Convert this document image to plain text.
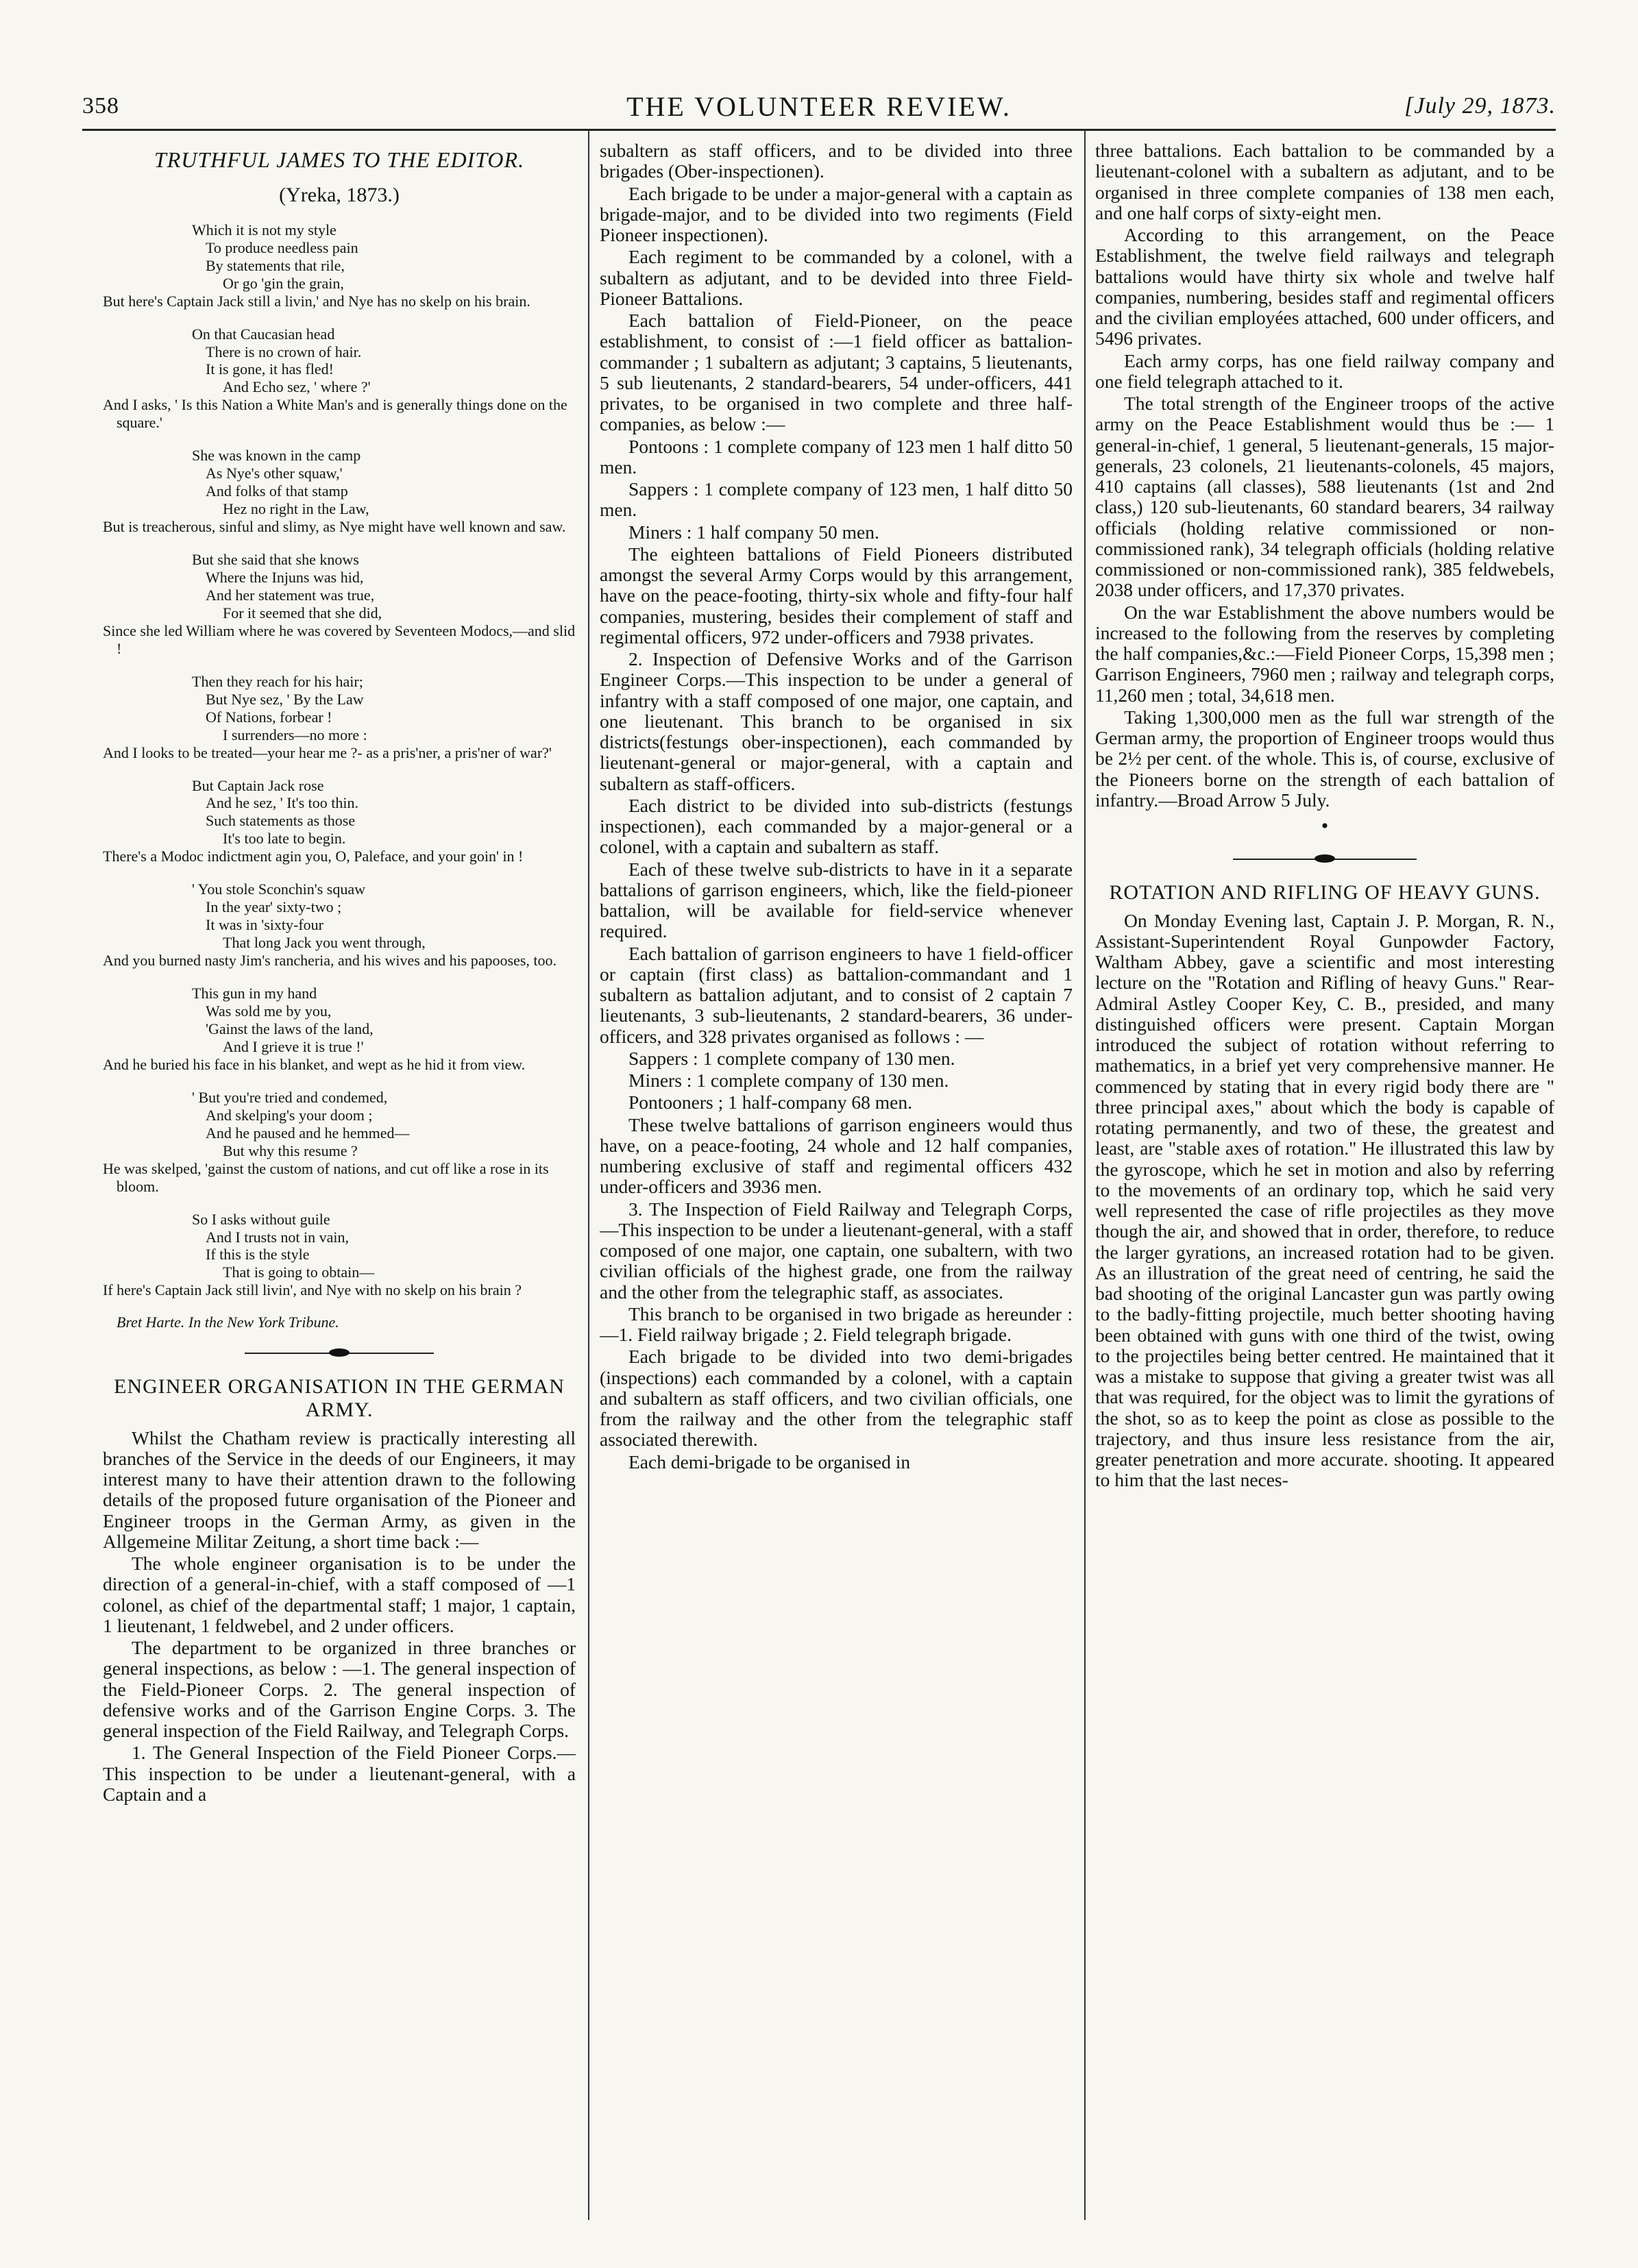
358	THE VOLUNTEER REVIEW.	[July 29, 1873.
TRUTHFUL JAMES TO THE EDITOR.
(Yreka, 1873.)

Which it is not my style

To produce needless pain

By statements that rile,

Or go 'gin the grain,

But here's Captain Jack still a livin,' and Nye has no skelp on his brain.

On that Caucasian head

There is no crown of hair.

It is gone, it has fled!

And Echo sez, ' where ?'

And I asks, ' Is this Nation a White Man's and is generally things done on the square.'

She was known in the camp

As Nye's other squaw,'

And folks of that stamp

Hez no right in the Law,

But is treacherous, sinful and slimy, as Nye might have well known and saw.

But she said that she knows

Where the Injuns was hid,

And her statement was true,

For it seemed that she did,

Since she led William where he was covered by Seventeen Modocs,—and slid !

Then they reach for his hair;

But Nye sez, ' By the Law

Of Nations, forbear !

I surrenders—no more :

And I looks to be treated—your hear me ?- as a pris'ner, a pris'ner of war?'

But Captain Jack rose

And he sez, ' It's too thin.

Such statements as those

It's too late to begin.

There's a Modoc indictment agin you, O, Paleface, and your goin' in !

' You stole Sconchin's squaw

In the year' sixty-two ;

It was in 'sixty-four

That long Jack you went through,

And you burned nasty Jim's rancheria, and his wives and his papooses, too.

This gun in my hand

Was sold me by you,

'Gainst the laws of the land,

And I grieve it is true !'

And he buried his face in his blanket, and wept as he hid it from view.

' But you're tried and condemed,

And skelping's your doom ;

And he paused and he hemmed—

But why this resume ?

He was skelped, 'gainst the custom of nations, and cut off like a rose in its bloom.

So I asks without guile

And I trusts not in vain,

If this is the style

That is going to obtain—

If here's Captain Jack still livin', and Nye with no skelp on his brain ?

Bret Harte. In the New York Tribune.
ENGINEER ORGANISATION IN THE GERMAN ARMY.

Whilst the Chatham review is practically interesting all branches of the Service in the deeds of our Engineers, it may interest many to have their attention drawn to the following details of the proposed future organisation of the Pioneer and Engineer troops in the German Army, as given in the Allgemeine Militar Zeitung, a short time back :—

The whole engineer organisation is to be under the direction of a general-in-chief, with a staff composed of —1 colonel, as chief of the departmental staff; 1 major, 1 captain, 1 lieutenant, 1 feldwebel, and 2 under officers.

The department to be organized in three branches or general inspections, as below : —1. The general inspection of the Field-Pioneer Corps. 2. The general inspection of defensive works and of the Garrison Engine Corps. 3. The general inspection of the Field Railway, and Telegraph Corps.

1. The General Inspection of the Field Pioneer Corps.—This inspection to be under a lieutenant-general, with a Captain and a

subaltern as staff officers, and to be divided into three brigades (Ober-inspectionen).

Each brigade to be under a major-general with a captain as brigade-major, and to be divided into two regiments (Field Pioneer inspectionen).

Each regiment to be commanded by a colonel, with a subaltern as adjutant, and to be devided into three Field-Pioneer Battalions.

Each battalion of Field-Pioneer, on the peace establishment, to consist of :—1 field officer as battalion-commander ; 1 subaltern as adjutant; 3 captains, 5 lieutenants, 5 sub lieutenants, 2 standard-bearers, 54 under-officers, 441 privates, to be organised in two complete and three half-companies, as below :—

Pontoons : 1 complete company of 123 men 1 half ditto 50 men.

Sappers : 1 complete company of 123 men, 1 half ditto 50 men.

Miners : 1 half company 50 men.

The eighteen battalions of Field Pioneers distributed amongst the several Army Corps would by this arrangement, have on the peace-footing, thirty-six whole and fifty-four half companies, mustering, besides their complement of staff and regimental officers, 972 under-officers and 7938 privates.

2. Inspection of Defensive Works and of the Garrison Engineer Corps.—This inspection to be under a general of infantry with a staff composed of one major, one captain, and one lieutenant. This branch to be organised in six districts(festungs ober-inspectionen), each commanded by lieutenant-general or major-general, with a captain and subaltern as staff-officers.

Each district to be divided into sub-districts (festungs inspectionen), each commanded by a major-general or a colonel, with a captain and subaltern as staff.

Each of these twelve sub-districts to have in it a separate battalions of garrison engineers, which, like the field-pioneer battalion, will be available for field-service whenever required.

Each battalion of garrison engineers to have 1 field-officer or captain (first class) as battalion-commandant and 1 subaltern as battalion adjutant, and to consist of 2 captain 7 lieutenants, 3 sub-lieutenants, 2 standard-bearers, 36 under-officers, and 328 privates organised as follows : —

Sappers : 1 complete company of 130 men.

Miners : 1 complete company of 130 men.

Pontooners ; 1 half-company 68 men.

These twelve battalions of garrison engineers would thus have, on a peace-footing, 24 whole and 12 half companies, numbering exclusive of staff and regimental officers 432 under-officers and 3936 men.

3. The Inspection of Field Railway and Telegraph Corps,—This inspection to be under a lieutenant-general, with a staff composed of one major, one captain, one subaltern, with two civilian officials of the highest grade, one from the railway and the other from the telegraphic staff, as associates.

This branch to be organised in two brigade as hereunder :—1. Field railway brigade ; 2. Field telegraph brigade.

Each brigade to be divided into two demi-brigades (inspections) each commanded by a colonel, with a captain and subaltern as staff officers, and two civilian officials, one from the railway and the other from the telegraphic staff associated therewith.

Each demi-brigade to be organised in

three battalions. Each battalion to be commanded by a lieutenant-colonel with a subaltern as adjutant, and to be organised in three complete companies of 138 men each, and one half corps of sixty-eight men.

According to this arrangement, on the Peace Establishment, the twelve field railways and telegraph battalions would have thirty six whole and twelve half companies, numbering, besides staff and regimental officers and the civilian employées attached, 600 under officers, and 5496 privates.

Each army corps, has one field railway company and one field telegraph attached to it.

The total strength of the Engineer troops of the active army on the Peace Establishment would thus be :— 1 general-in-chief, 1 general, 5 lieutenant-generals, 15 major-generals, 23 colonels, 21 lieutenants-colonels, 45 majors, 410 captains (all classes), 588 lieutenants (1st and 2nd class,) 120 sub-lieutenants, 60 standard bearers, 34 railway officials (holding relative commissioned or non-commissioned rank), 34 telegraph officials (holding relative commissioned or non-commissioned rank), 385 feldwebels, 2038 under officers, and 17,370 privates.

On the war Establishment the above numbers would be increased to the following from the reserves by completing the half companies,&c.:—Field Pioneer Corps, 15,398 men ; Garrison Engineers, 7960 men ; railway and telegraph corps, 11,260 men ; total, 34,618 men.

Taking 1,300,000 men as the full war strength of the German army, the proportion of Engineer troops would thus be 2½ per cent. of the whole. This is, of course, exclusive of the Pioneers borne on the strength of each battalion of infantry.—Broad Arrow 5 July.

•
ROTATION AND RIFLING OF HEAVY GUNS.

On Monday Evening last, Captain J. P. Morgan, R. N., Assistant-Superintendent Royal Gunpowder Factory, Waltham Abbey, gave a scientific and most interesting lecture on the "Rotation and Rifling of heavy Guns." Rear-Admiral Astley Cooper Key, C. B., presided, and many distinguished officers were present. Captain Morgan introduced the subject of rotation without referring to mathematics, in a brief yet very comprehensive manner. He commenced by stating that in every rigid body there are " three principal axes," about which the body is capable of rotating permanently, and two of these, the greatest and least, are "stable axes of rotation." He illustrated this law by the gyroscope, which he set in motion and also by referring to the movements of an ordinary top, which he said very well represented the case of rifle projectiles as they move though the air, and showed that in order, therefore, to reduce the larger gyrations, an increased rotation had to be given. As an illustration of the great need of centring, he said the bad shooting of the original Lancaster gun was partly owing to the badly-fitting projectile, much better shooting having been obtained with guns with one third of the twist, owing to the projectiles being better centred. He maintained that it was a mistake to suppose that giving a greater twist was all that was required, for the object was to limit the gyrations of the shot, so as to keep the point as close as possible to the trajectory, and thus insure less resistance from the air, greater penetration and more accurate. shooting. It appeared to him that the last neces-
